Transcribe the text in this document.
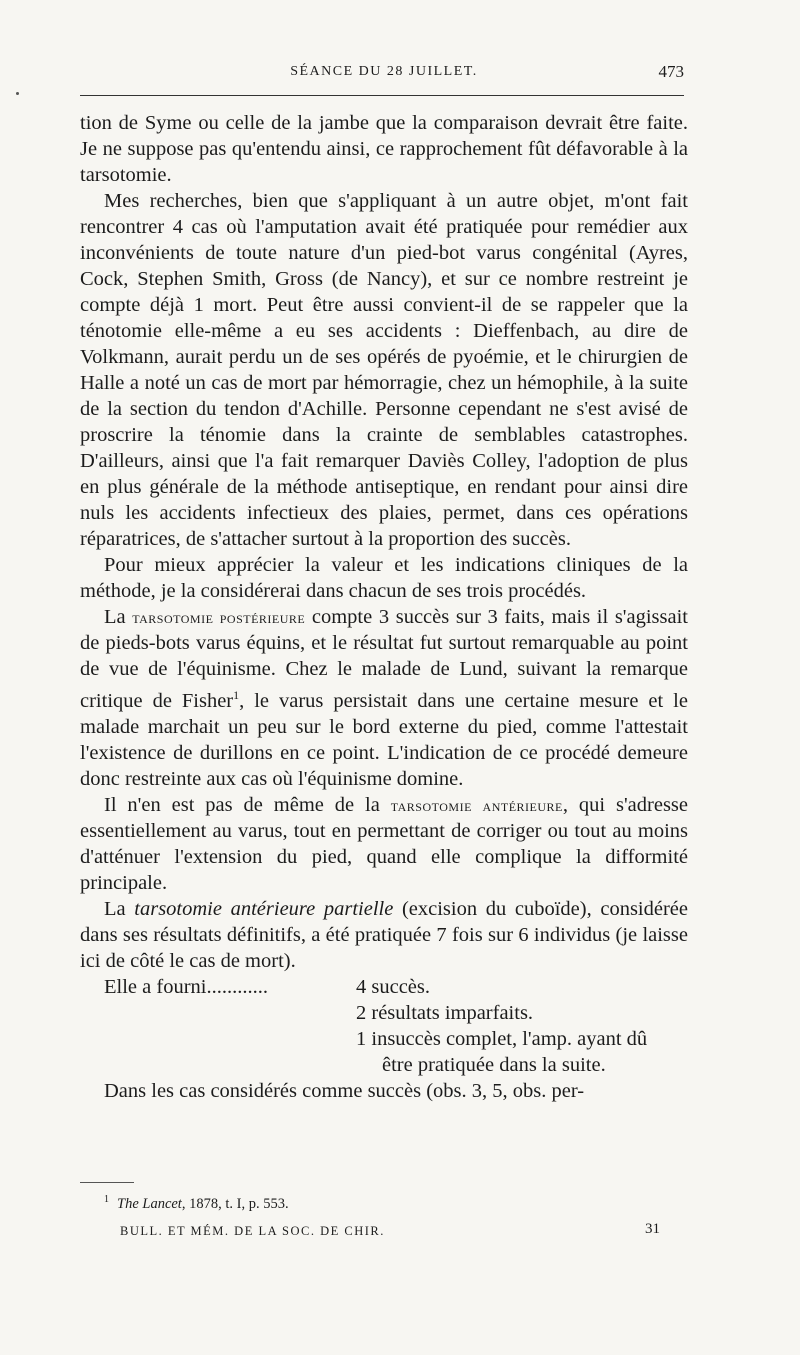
SÉANCE DU 28 JUILLET.	473

tion de Syme ou celle de la jambe que la comparaison devrait être faite. Je ne suppose pas qu'entendu ainsi, ce rapprochement fût défavorable à la tarsotomie.

Mes recherches, bien que s'appliquant à un autre objet, m'ont fait rencontrer 4 cas où l'amputation avait été pratiquée pour remédier aux inconvénients de toute nature d'un pied-bot varus congénital (Ayres, Cock, Stephen Smith, Gross (de Nancy), et sur ce nombre restreint je compte déjà 1 mort. Peut être aussi convient-il de se rappeler que la ténotomie elle-même a eu ses accidents : Dieffenbach, au dire de Volkmann, aurait perdu un de ses opérés de pyoémie, et le chirurgien de Halle a noté un cas de mort par hémorragie, chez un hémophile, à la suite de la section du tendon d'Achille. Personne cependant ne s'est avisé de proscrire la ténomie dans la crainte de semblables catastrophes. D'ailleurs, ainsi que l'a fait remarquer Daviès Colley, l'adoption de plus en plus générale de la méthode antiseptique, en rendant pour ainsi dire nuls les accidents infectieux des plaies, permet, dans ces opérations réparatrices, de s'attacher surtout à la proportion des succès.

Pour mieux apprécier la valeur et les indications cliniques de la méthode, je la considérerai dans chacun de ses trois procédés.

La tarsotomie postérieure compte 3 succès sur 3 faits, mais il s'agissait de pieds-bots varus équins, et le résultat fut surtout remarquable au point de vue de l'équinisme. Chez le malade de Lund, suivant la remarque critique de Fisher$^1$, le varus persistait dans une certaine mesure et le malade marchait un peu sur le bord externe du pied, comme l'attestait l'existence de durillons en ce point. L'indication de ce procédé demeure donc restreinte aux cas où l'équinisme domine.

Il n'en est pas de même de la tarsotomie antérieure, qui s'adresse essentiellement au varus, tout en permettant de corriger ou tout au moins d'atténuer l'extension du pied, quand elle complique la difformité principale.

La tarsotomie antérieure partielle (excision du cuboïde), considérée dans ses résultats définitifs, a été pratiquée 7 fois sur 6 individus (je laisse ici de côté le cas de mort).

Elle a fourni............	4 succès.
2 résultats imparfaits.
1 insuccès complet, l'amp. ayant dû
être pratiquée dans la suite.

Dans les cas considérés comme succès (obs. 3, 5, obs. per-

$^1$ The Lancet, 1878, t. I, p. 553.
BULL. ET MÉM. DE LA SOC. DE CHIR.	31
